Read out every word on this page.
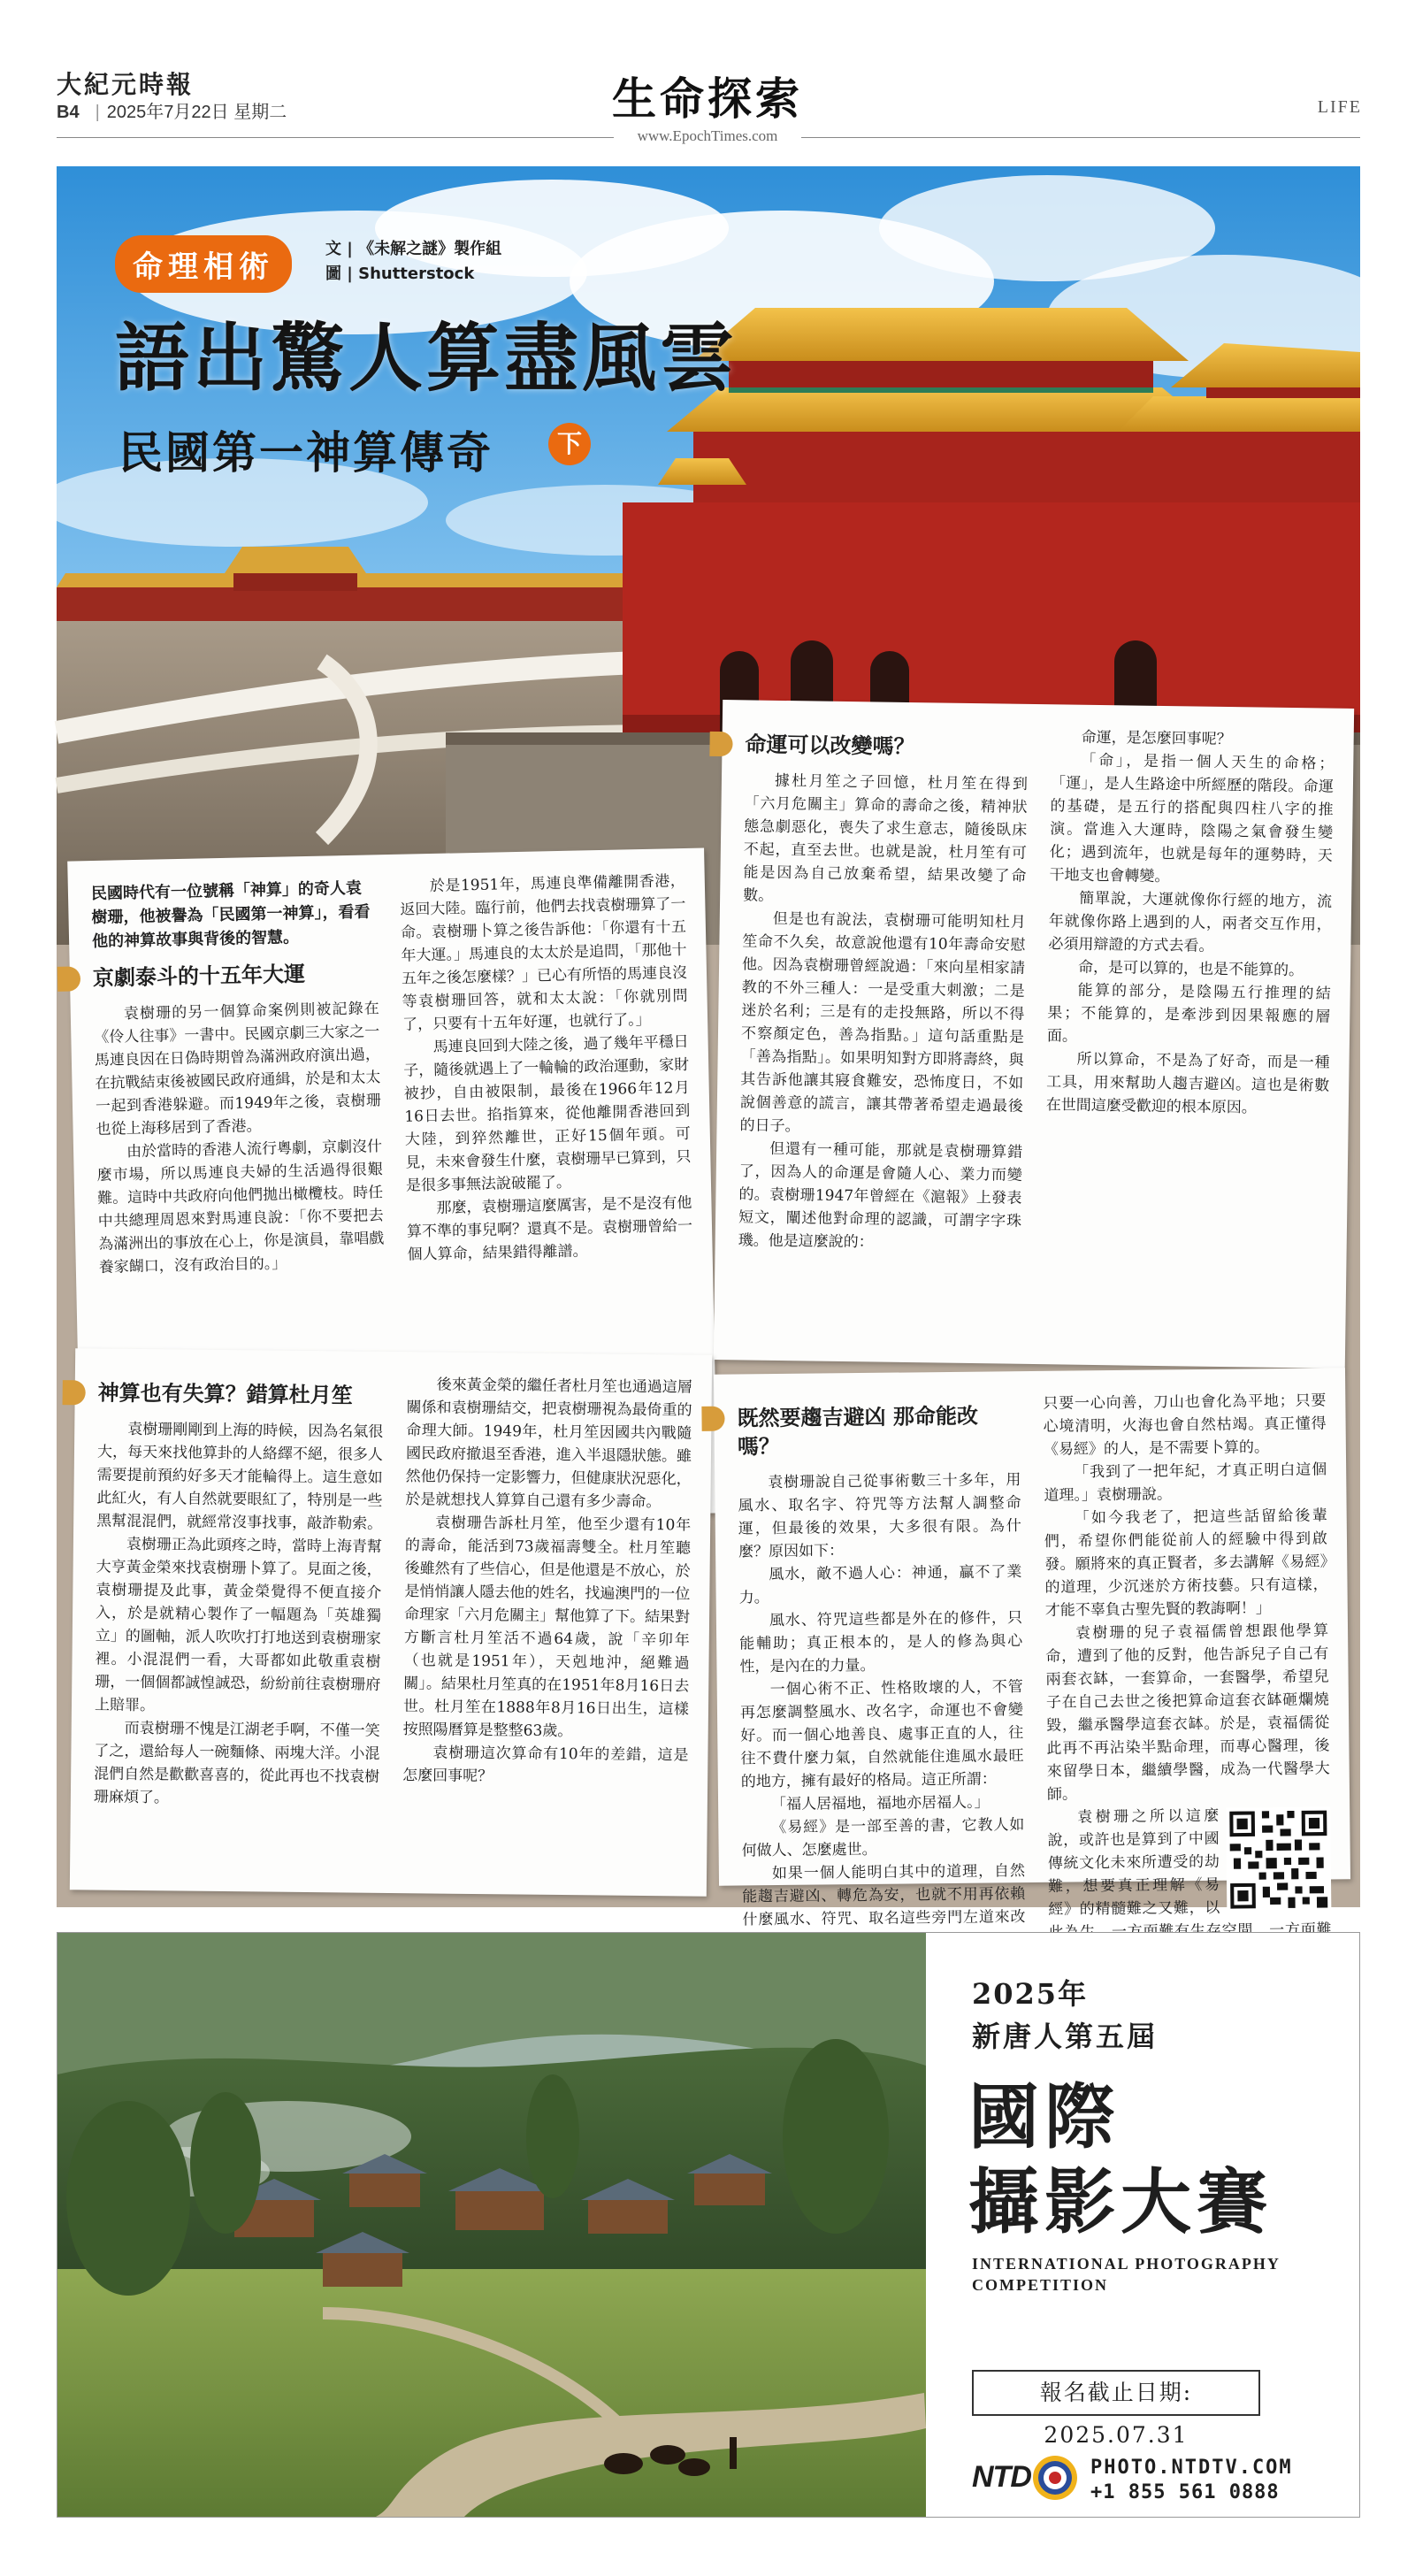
大紀元時報
B4 | 2025年7月22日 星期二	生命探索
www.EpochTimes.com
LIFE
命理相術
文 | 《未解之謎》製作組
圖 | Shutterstock
語出驚人算盡風雲
民國第一神算傳奇	下
民國時代有一位號稱「神算」的奇人袁樹珊，他被譽為「民國第一神算」，看看他的神算故事與背後的智慧。
京劇泰斗的十五年大運

袁樹珊的另一個算命案例則被記錄在《伶人往事》一書中。民國京劇三大家之一馬連良因在日偽時期曾為滿洲政府演出過，在抗戰結束後被國民政府通緝，於是和太太一起到香港躲避。而1949年之後，袁樹珊也從上海移居到了香港。

由於當時的香港人流行粵劇，京劇沒什麼市場，所以馬連良夫婦的生活過得很艱難。這時中共政府向他們拋出橄欖枝。時任中共總理周恩來對馬連良說：「你不要把去為滿洲出的事放在心上，你是演員，靠唱戲養家餬口，沒有政治目的。」

於是1951年，馬連良準備離開香港，返回大陸。臨行前，他們去找袁樹珊算了一命。袁樹珊卜算之後告訴他：「你還有十五年大運。」馬連良的太太於是追問，「那他十五年之後怎麼樣？」已心有所悟的馬連良沒等袁樹珊回答，就和太太說：「你就別問了，只要有十五年好運，也就行了。」

馬連良回到大陸之後，過了幾年平穩日子，隨後就遇上了一輪輪的政治運動，家財被抄，自由被限制，最後在1966年12月16日去世。掐指算來，從他離開香港回到大陸，到猝然離世，正好15個年頭。可見，未來會發生什麼，袁樹珊早已算到，只是很多事無法說破罷了。

那麼，袁樹珊這麼厲害，是不是沒有他算不準的事兒啊？還真不是。袁樹珊曾給一個人算命，結果錯得離譜。

命運可以改變嗎？

據杜月笙之子回憶，杜月笙在得到「六月危關主」算命的壽命之後，精神狀態急劇惡化，喪失了求生意志，隨後臥床不起，直至去世。也就是說，杜月笙有可能是因為自己放棄希望，結果改變了命數。

但是也有說法，袁樹珊可能明知杜月笙命不久矣，故意說他還有10年壽命安慰他。因為袁樹珊曾經說過：「來向星相家請教的不外三種人：一是受重大刺激；二是迷於名利；三是有的走投無路，所以不得不察顏定色，善為指點。」這句話重點是「善為指點」。如果明知對方即將壽終，與其告訴他讓其寢食難安，恐怖度日，不如說個善意的謊言，讓其帶著希望走過最後的日子。

但還有一種可能，那就是袁樹珊算錯了，因為人的命運是會隨人心、業力而變的。袁樹珊1947年曾經在《滬報》上發表短文，闡述他對命理的認識，可謂字字珠璣。他是這麼說的：

命運，是怎麼回事呢？

「命」，是指一個人天生的命格；「運」，是人生路途中所經歷的階段。命運的基礎，是五行的搭配與四柱八字的推演。當進入大運時，陰陽之氣會發生變化；遇到流年，也就是每年的運勢時，天干地支也會轉變。

簡單說，大運就像你行經的地方，流年就像你路上遇到的人，兩者交互作用，必須用辯證的方式去看。

命，是可以算的，也是不能算的。

能算的部分，是陰陽五行推理的結果；不能算的，是牽涉到因果報應的層面。

所以算命，不是為了好奇，而是一種工具，用來幫助人趨吉避凶。這也是術數在世間這麼受歡迎的根本原因。

神算也有失算？錯算杜月笙

袁樹珊剛剛到上海的時候，因為名氣很大，每天來找他算卦的人絡繹不絕，很多人需要提前預約好多天才能輪得上。這生意如此紅火，有人自然就要眼紅了，特別是一些黑幫混混們，就經常沒事找事，敲詐勒索。

袁樹珊正為此頭疼之時，當時上海青幫大亨黃金榮來找袁樹珊卜算了。見面之後，袁樹珊提及此事，黃金榮覺得不便直接介入，於是就精心製作了一幅題為「英雄獨立」的圖軸，派人吹吹打打地送到袁樹珊家裡。小混混們一看，大哥都如此敬重袁樹珊，一個個都誠惶誠恐，紛紛前往袁樹珊府上賠罪。

而袁樹珊不愧是江湖老手啊，不僅一笑了之，還給每人一碗麵條、兩塊大洋。小混混們自然是歡歡喜喜的，從此再也不找袁樹珊麻煩了。

後來黃金榮的繼任者杜月笙也通過這層關係和袁樹珊結交，把袁樹珊視為最倚重的命理大師。1949年，杜月笙因國共內戰隨國民政府撤退至香港，進入半退隱狀態。雖然他仍保持一定影響力，但健康狀況惡化，於是就想找人算算自己還有多少壽命。

袁樹珊告訴杜月笙，他至少還有10年的壽命，能活到73歲福壽雙全。杜月笙聽後雖然有了些信心，但是他還是不放心，於是悄悄讓人隱去他的姓名，找遍澳門的一位命理家「六月危關主」幫他算了下。結果對方斷言杜月笙活不過64歲，說「辛卯年（也就是1951年），天剋地沖，絕難過關」。結果杜月笙真的在1951年8月16日去世。杜月笙在1888年8月16日出生，這樣按照陽曆算是整整63歲。

袁樹珊這次算命有10年的差錯，這是怎麼回事呢？

既然要趨吉避凶 那命能改嗎？

袁樹珊說自己從事術數三十多年，用風水、取名字、符咒等方法幫人調整命運，但最後的效果，大多很有限。為什麼？原因如下：

風水，敵不過人心：神通，贏不了業力。

風水、符咒這些都是外在的修件，只能輔助；真正根本的，是人的修為與心性，是內在的力量。

一個心術不正、性格敗壞的人，不管再怎麼調整風水、改名字，命運也不會變好。而一個心地善良、處事正直的人，往往不費什麼力氣，自然就能住進風水最旺的地方，擁有最好的格局。這正所謂：

「福人居福地，福地亦居福人。」

《易經》是一部至善的書，它教人如何做人、怎麼處世。

如果一個人能明白其中的道理，自然能趨吉避凶、轉危為安，也就不用再依賴什麼風水、符咒、取名這些旁門左道來改命修運了。

只要一心向善，刀山也會化為平地；只要心境清明，火海也會自然枯竭。真正懂得《易經》的人，是不需要卜算的。

「我到了一把年紀，才真正明白這個道理。」袁樹珊說。

「如今我老了，把這些話留給後輩們，希望你們能從前人的經驗中得到啟發。願將來的真正賢者，多去講解《易經》的道理，少沉迷於方術技藝。只有這樣，才能不辜負古聖先賢的教誨啊！」

袁樹珊的兒子袁福儒曾想跟他學算命，遭到了他的反對，他告訴兒子自己有兩套衣缽，一套算命，一套醫學，希望兒子在自己去世之後把算命這套衣缽砸爛燒毀，繼承醫學這套衣缽。於是，袁福儒從此再不再沾染半點命理，而專心醫理，後來留學日本，繼續學醫，成為一代醫學大師。

袁樹珊之所以這麼說，或許也是算到了中國傳統文化未來所遭受的劫難，想要真正理解《易經》的精髓難之又難，以此為生，一方面難有生存空間，一方面難免淪為江湖術士吧。◇

2025年
新唐人第五屆
國際
攝影大賽
INTERNATIONAL PHOTOGRAPHY
COMPETITION
報名截止日期: 2025.07.31
NTD	PHOTO.NTDTV.COM
+1 855 561 0888
